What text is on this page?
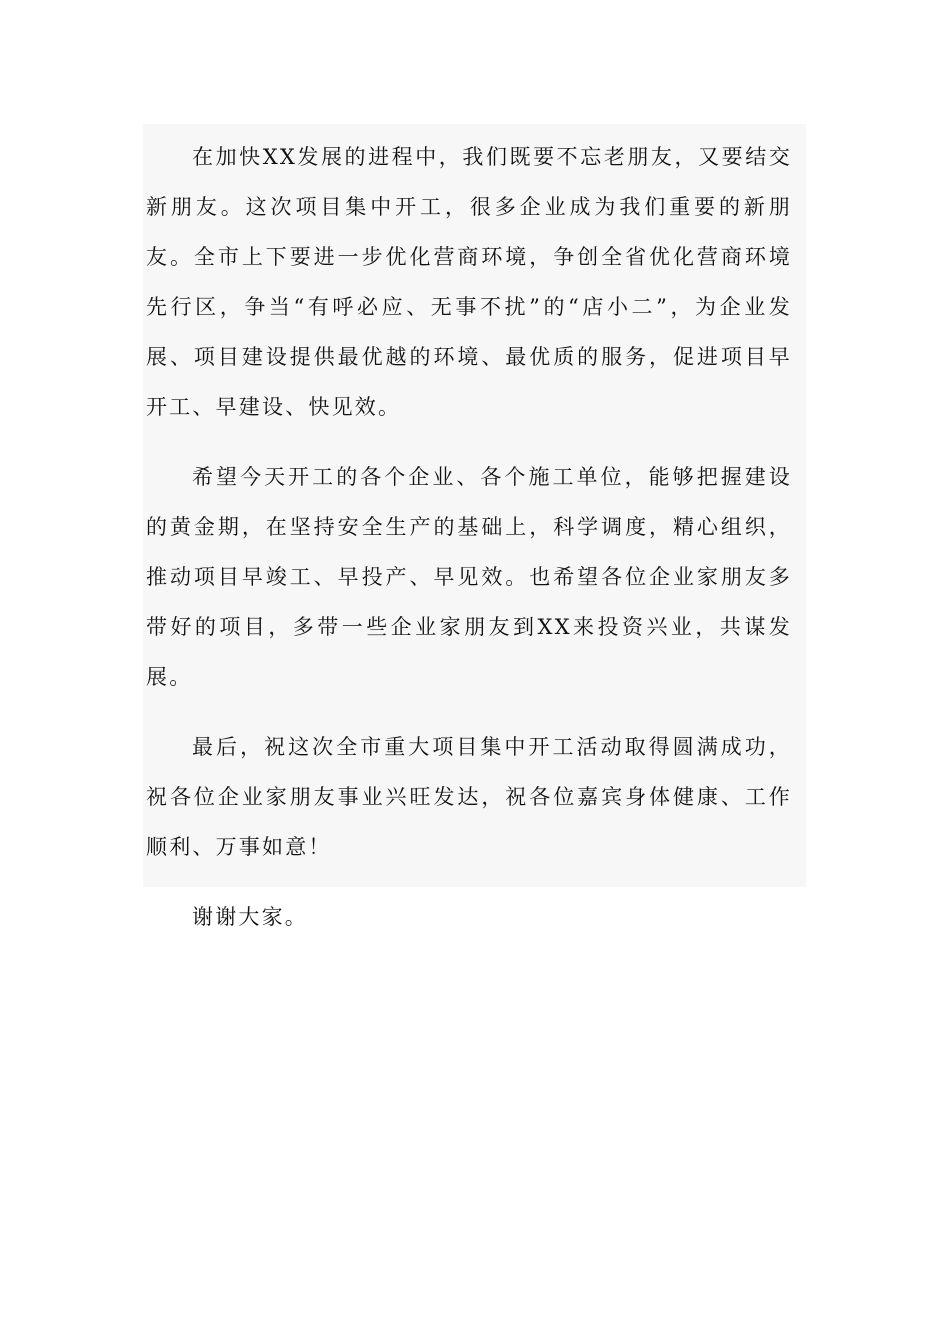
在加快XX发展的进程中，我们既要不忘老朋友，又要结交新朋友。这次项目集中开工，很多企业成为我们重要的新朋友。全市上下要进一步优化营商环境，争创全省优化营商环境先行区，争当“有呼必应、无事不扰”的“店小二”，为企业发展、项目建设提供最优越的环境、最优质的服务，促进项目早开工、早建设、快见效。

希望今天开工的各个企业、各个施工单位，能够把握建设的黄金期，在坚持安全生产的基础上，科学调度，精心组织，推动项目早竣工、早投产、早见效。也希望各位企业家朋友多带好的项目，多带一些企业家朋友到XX来投资兴业，共谋发展。

最后，祝这次全市重大项目集中开工活动取得圆满成功，祝各位企业家朋友事业兴旺发达，祝各位嘉宾身体健康、工作顺利、万事如意！

谢谢大家。
